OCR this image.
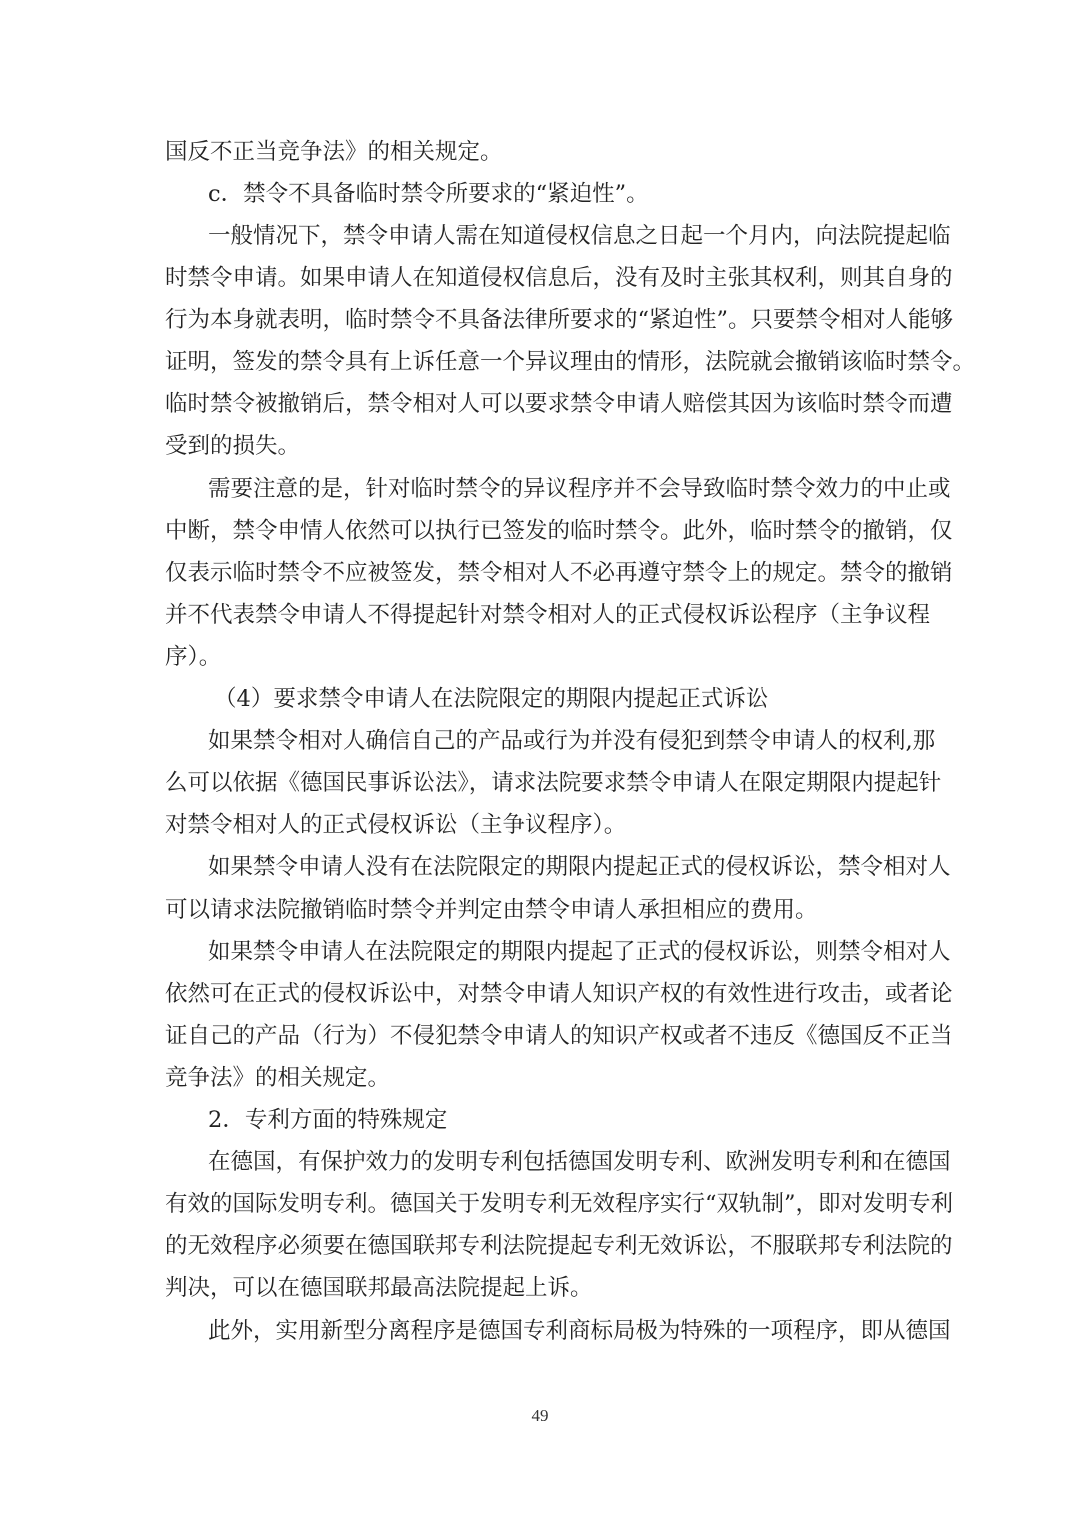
国反不正当竞争法》的相关规定。
c．禁令不具备临时禁令所要求的“紧迫性”。
一般情况下，禁令申请人需在知道侵权信息之日起一个月内，向法院提起临
时禁令申请。如果申请人在知道侵权信息后，没有及时主张其权利，则其自身的
行为本身就表明，临时禁令不具备法律所要求的“紧迫性”。只要禁令相对人能够
证明，签发的禁令具有上诉任意一个异议理由的情形，法院就会撤销该临时禁令。
临时禁令被撤销后，禁令相对人可以要求禁令申请人赔偿其因为该临时禁令而遭
受到的损失。
需要注意的是，针对临时禁令的异议程序并不会导致临时禁令效力的中止或
中断，禁令申情人依然可以执行已签发的临时禁令。此外，临时禁令的撤销，仅
仅表示临时禁令不应被签发，禁令相对人不必再遵守禁令上的规定。禁令的撤销
并不代表禁令申请人不得提起针对禁令相对人的正式侵权诉讼程序（主争议程
序）。
（4）要求禁令申请人在法院限定的期限内提起正式诉讼
如果禁令相对人确信自己的产品或行为并没有侵犯到禁令申请人的权利,那
么可以依据《德国民事诉讼法》，请求法院要求禁令申请人在限定期限内提起针
对禁令相对人的正式侵权诉讼（主争议程序）。
如果禁令申请人没有在法院限定的期限内提起正式的侵权诉讼，禁令相对人
可以请求法院撤销临时禁令并判定由禁令申请人承担相应的费用。
如果禁令申请人在法院限定的期限内提起了正式的侵权诉讼，则禁令相对人
依然可在正式的侵权诉讼中，对禁令申请人知识产权的有效性进行攻击，或者论
证自己的产品（行为）不侵犯禁令申请人的知识产权或者不违反《德国反不正当
竞争法》的相关规定。
2．专利方面的特殊规定
在德国，有保护效力的发明专利包括德国发明专利、欧洲发明专利和在德国
有效的国际发明专利。德国关于发明专利无效程序实行“双轨制”，即对发明专利
的无效程序必须要在德国联邦专利法院提起专利无效诉讼，不服联邦专利法院的
判决，可以在德国联邦最高法院提起上诉。
此外，实用新型分离程序是德国专利商标局极为特殊的一项程序，即从德国
49
